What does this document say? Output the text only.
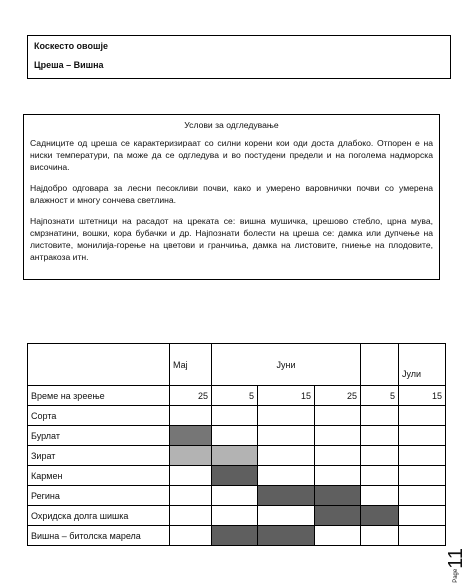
Коскесто овошје
Цреша – Вишна
Услови за одгледување

Садниците од цреша се карактеризираат со силни корени кои оди доста длабоко. Отпорен е на ниски температури, па може да се одгледува и во постудени предели и на поголема надморска височина.

Најдобро одговара за лесни песокливи почви, како и умерено варовнички почви со умерена влажност и многу сончева светлина.

Најпознати штетници на расадот на цреката се: вишна мушичка, црешово стебло, црна мува, смрзнатини, вошки, кора бубачки и др. Најпознати болести на цреша се: дамка или дупчење на листовите, монилија-горење на цветови и гранчиња, дамка на листовите, гниење на плодовите, антракоза итн.

	Мај	Јуни				Јули
Време на зреење	25	5	15	25	5	15
Сорта						
Бурлат						
Зират						
Кармен						
Регина						
Охридска долга шишка						
Вишна – битолска марела						
Page11
